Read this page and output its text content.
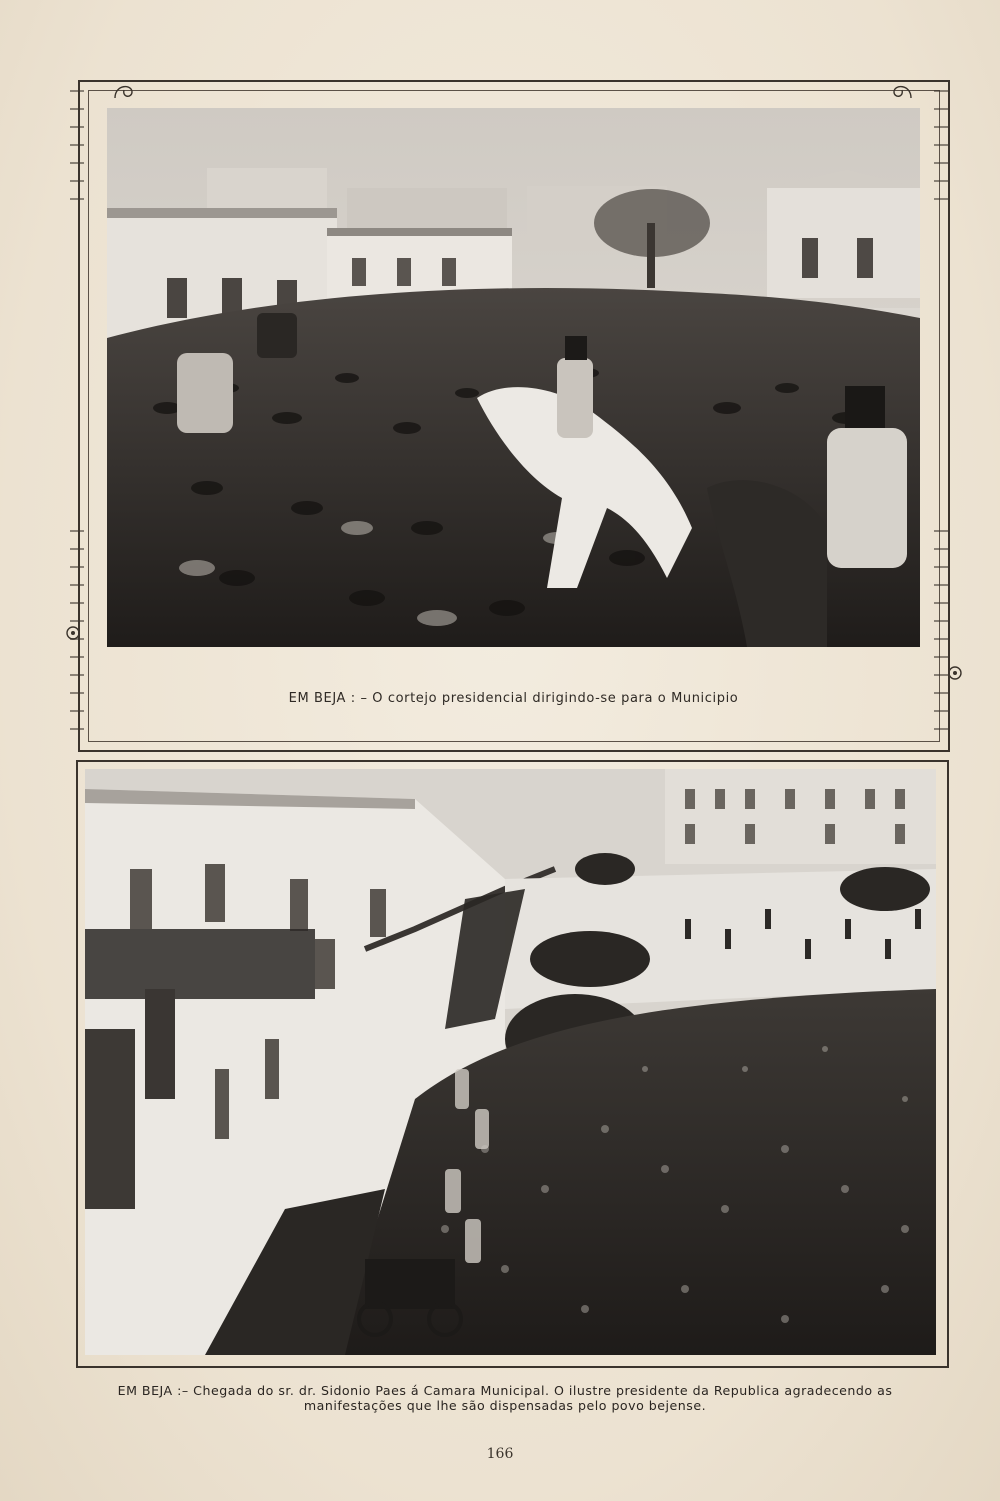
EM BEJA : – O cortejo presidencial dirigindo-se para o Municipio
EM BEJA :– Chegada do sr. dr. Sidonio Paes á Camara Municipal. O ilustre presidente da Republica agradecendo as
manifestações que lhe são dispensadas pelo povo bejense.
166
